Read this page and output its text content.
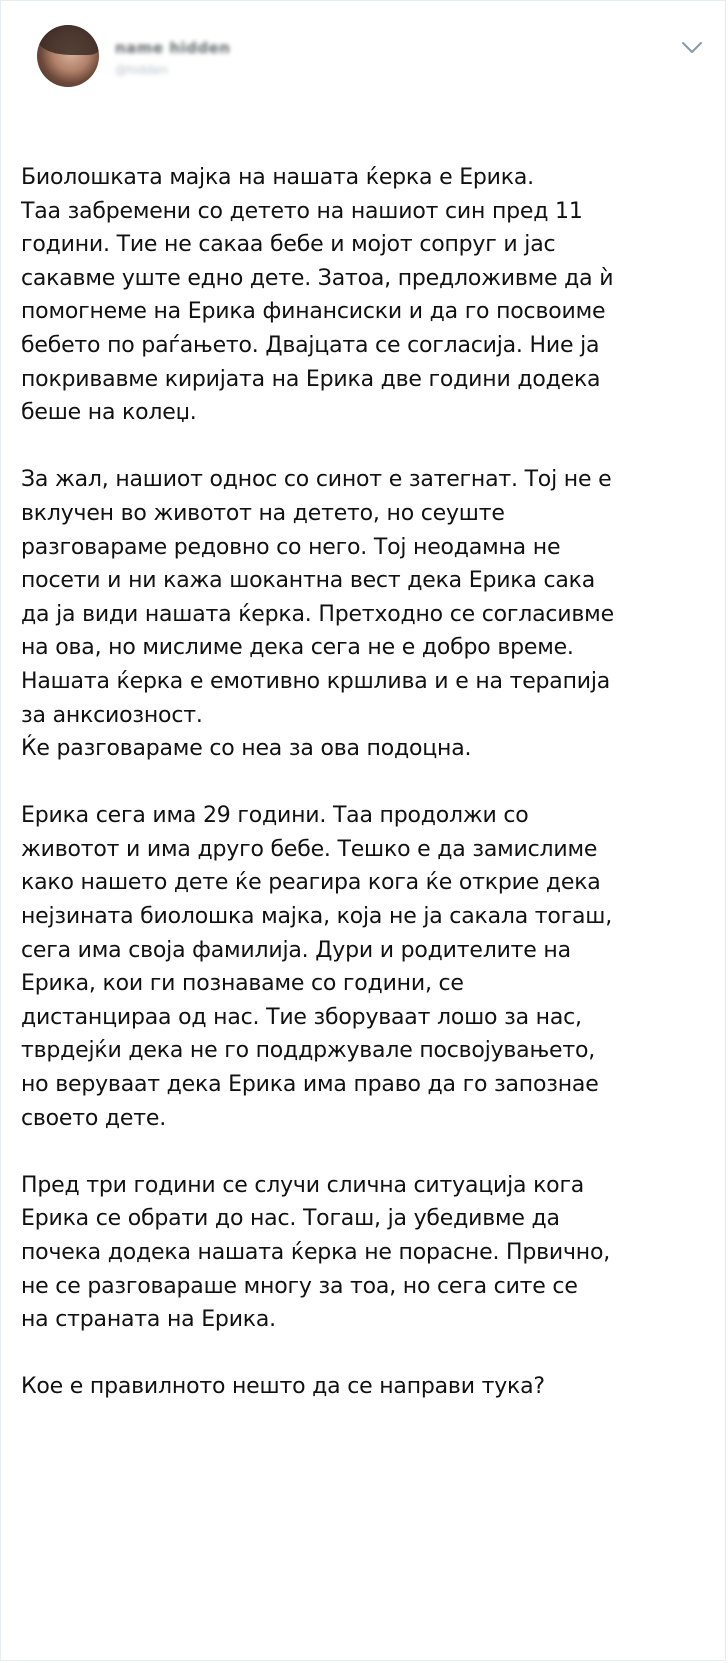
name hidden
@hidden

Биолошката мајка на нашата ќерка е Ерика.
Таа забремени со детето на нашиот син пред 11
години. Тие не сакаа бебе и мојот сопруг и јас
сакавме уште едно дете. Затоа, предложивме да ѝ
помогнеме на Ерика финансиски и да го посвоиме
бебето по раѓањето. Двајцата се согласија. Ние ја
покривавме киријата на Ерика две години додека
беше на колеџ.

За жал, нашиот однос со синот е затегнат. Тој не е
вклучен во животот на детето, но сеуште
разговараме редовно со него. Тој неодамна не
посети и ни кажа шокантна вест дека Ерика сака
да ја види нашата ќерка. Претходно се согласивме
на ова, но мислиме дека сега не е добро време.
Нашата ќерка е емотивно кршлива и е на терапија
за анксиозност.
Ќе разговараме со неа за ова подоцна.

Ерика сега има 29 години. Таа продолжи со
животот и има друго бебе. Тешко е да замислиме
како нашето дете ќе реагира кога ќе открие дека
нејзината биолошка мајка, која не ја сакала тогаш,
сега има своја фамилија. Дури и родителите на
Ерика, кои ги познаваме со години, се
дистанцираа од нас. Тие зборуваат лошо за нас,
тврдејќи дека не го поддржувале посвојувањето,
но веруваат дека Ерика има право да го запознае
своето дете.

Пред три години се случи слична ситуација кога
Ерика се обрати до нас. Тогаш, ја убедивме да
почека додека нашата ќерка не порасне. Првично,
не се разговараше многу за тоа, но сега сите се
на страната на Ерика.

Кое е правилното нешто да се направи тука?
